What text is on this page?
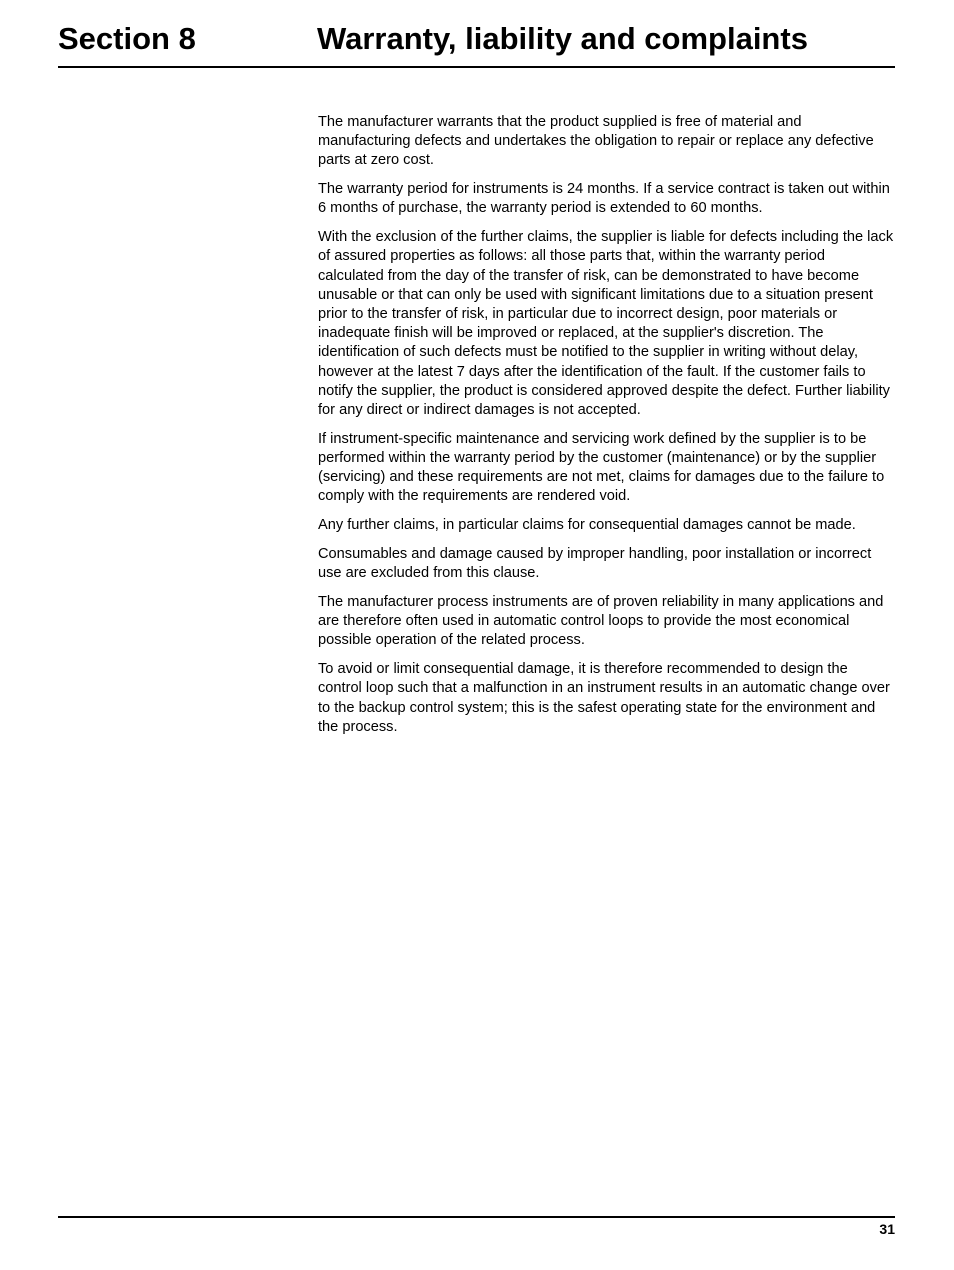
Section 8	Warranty, liability and complaints

The manufacturer warrants that the product supplied is free of material and manufacturing defects and undertakes the obligation to repair or replace any defective parts at zero cost.

The warranty period for instruments is 24 months. If a service contract is taken out within 6 months of purchase, the warranty period is extended to 60 months.

With the exclusion of the further claims, the supplier is liable for defects including the lack of assured properties as follows: all those parts that, within the warranty period calculated from the day of the transfer of risk, can be demonstrated to have become unusable or that can only be used with significant limitations due to a situation present prior to the transfer of risk, in particular due to incorrect design, poor materials or inadequate finish will be improved or replaced, at the supplier's discretion. The identification of such defects must be notified to the supplier in writing without delay, however at the latest 7 days after the identification of the fault. If the customer fails to notify the supplier, the product is considered approved despite the defect. Further liability for any direct or indirect damages is not accepted.

If instrument-specific maintenance and servicing work defined by the supplier is to be performed within the warranty period by the customer (maintenance) or by the supplier (servicing) and these requirements are not met, claims for damages due to the failure to comply with the requirements are rendered void.

Any further claims, in particular claims for consequential damages cannot be made.

Consumables and damage caused by improper handling, poor installation or incorrect use are excluded from this clause.

The manufacturer process instruments are of proven reliability in many applications and are therefore often used in automatic control loops to provide the most economical possible operation of the related process.

To avoid or limit consequential damage, it is therefore recommended to design the control loop such that a malfunction in an instrument results in an automatic change over to the backup control system; this is the safest operating state for the environment and the process.

31
